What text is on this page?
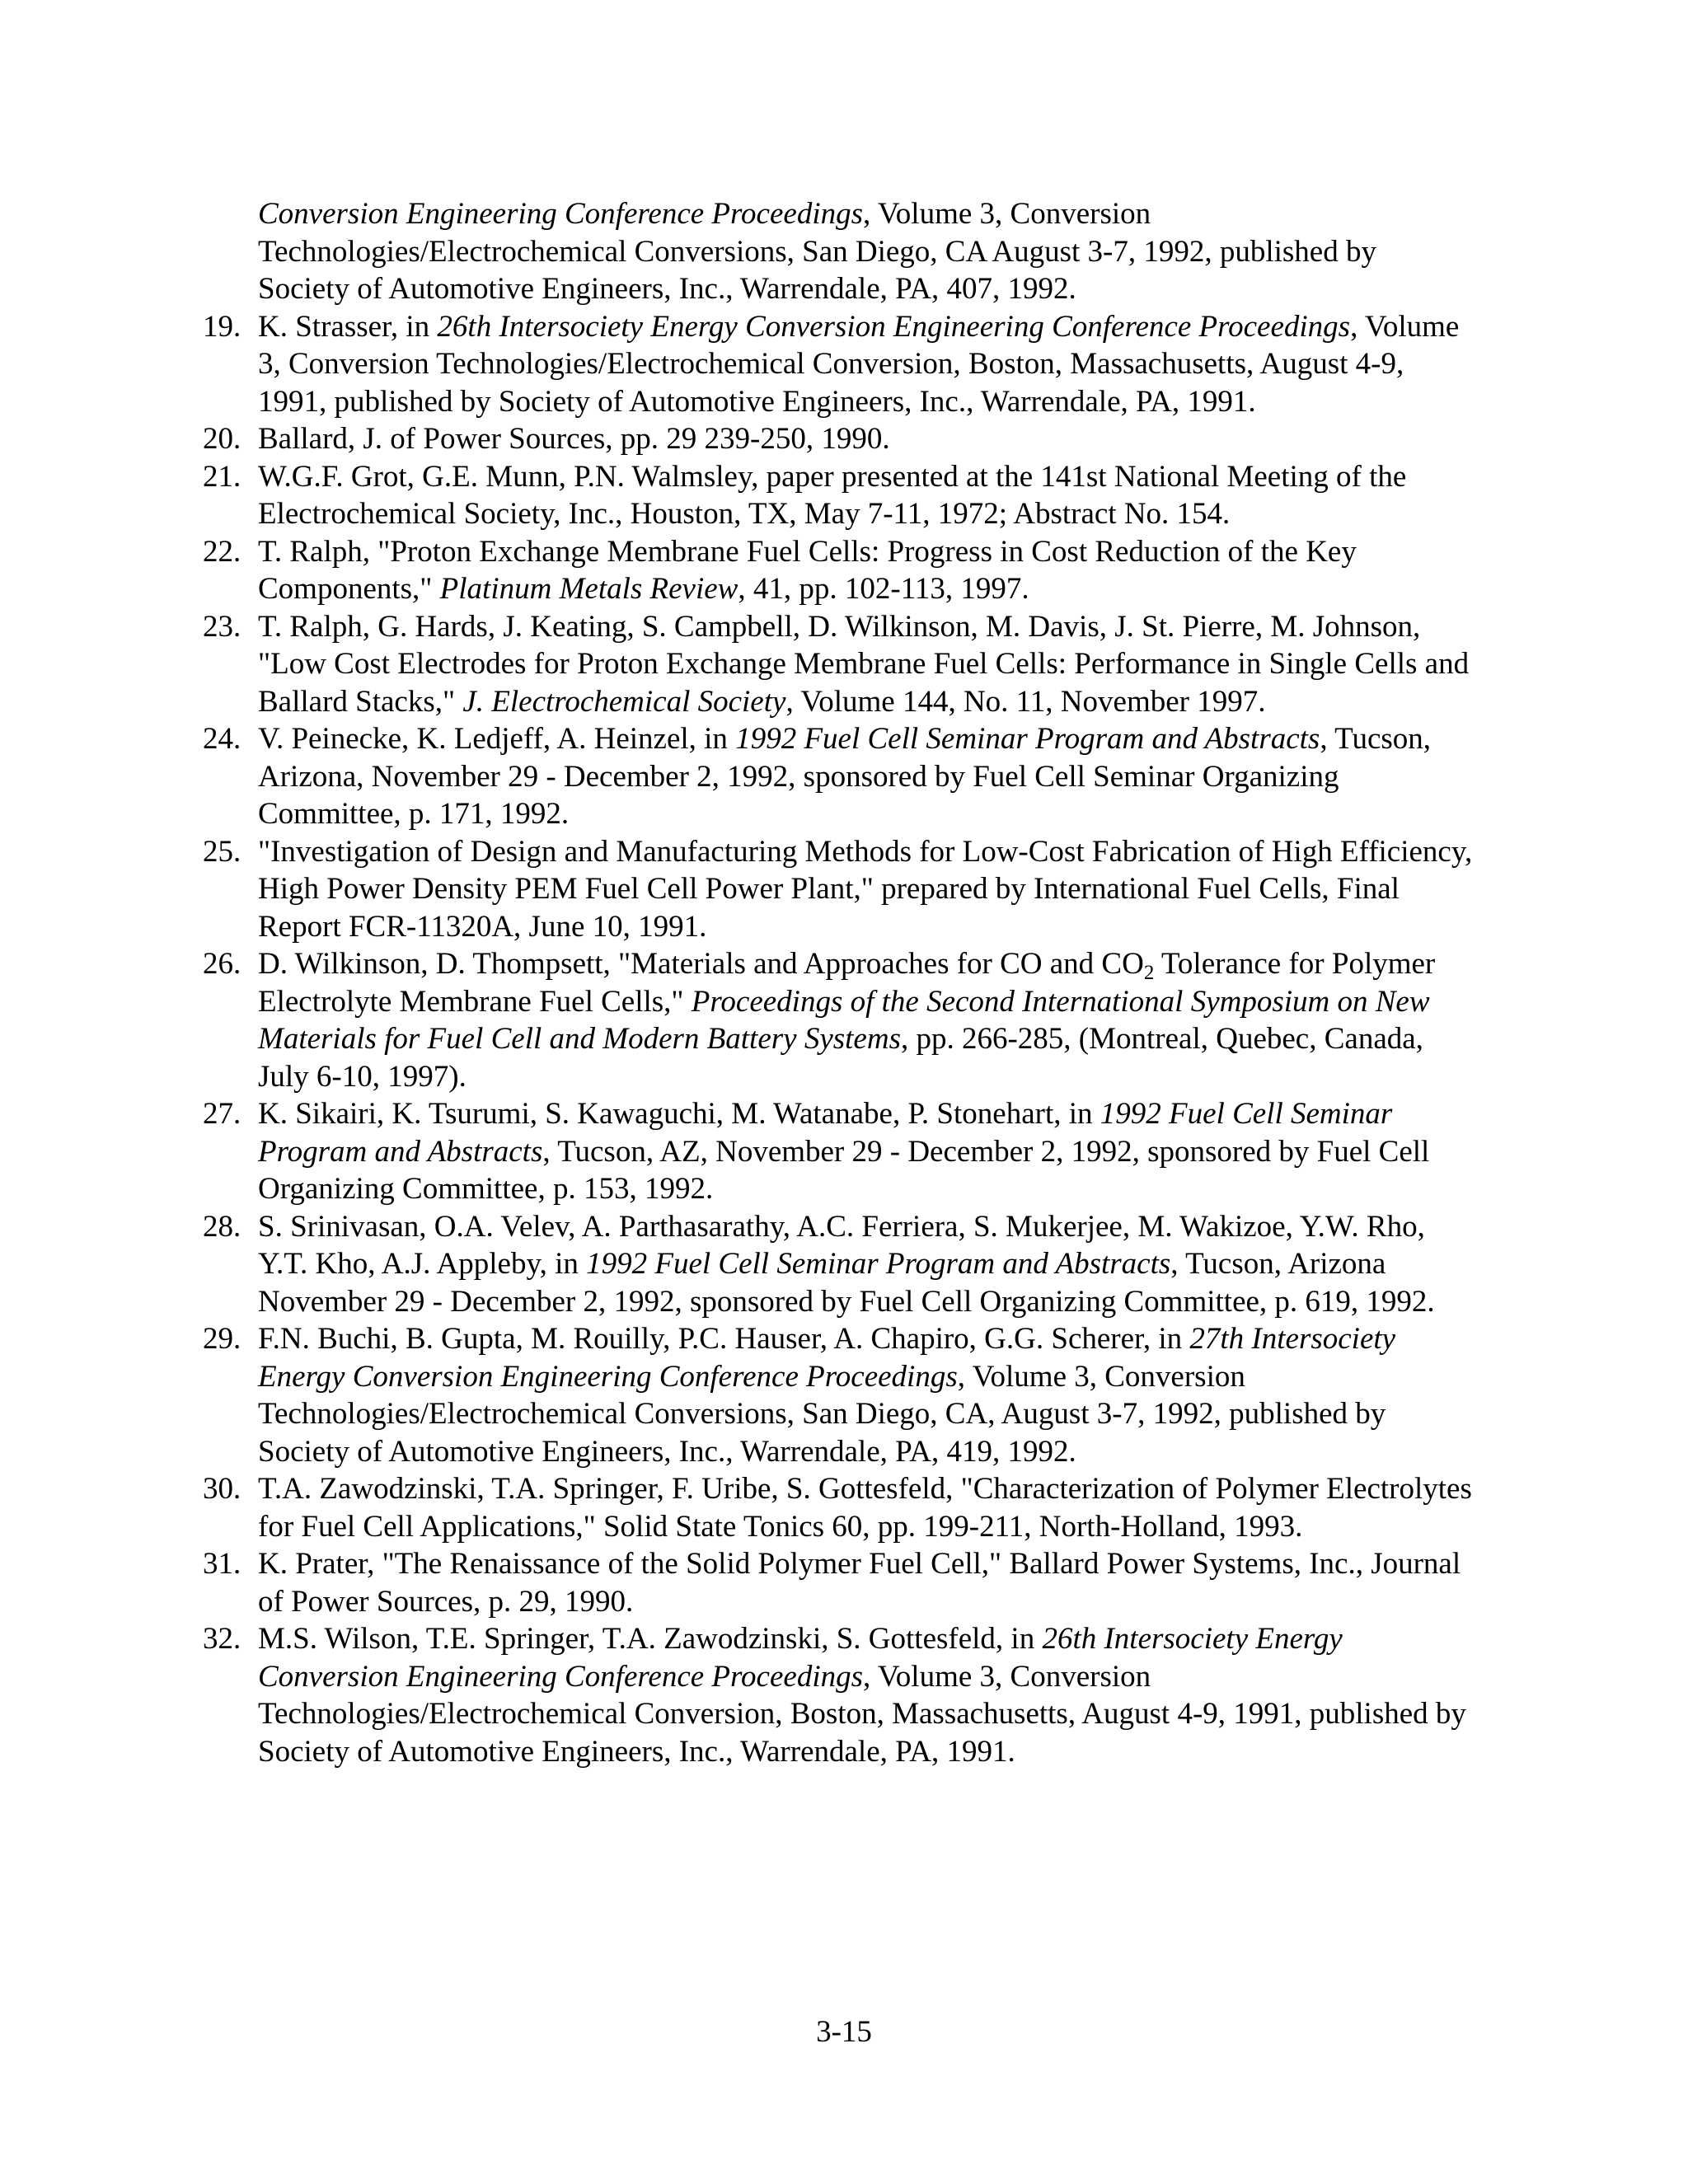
Conversion Engineering Conference Proceedings, Volume 3, Conversion Technologies/Electrochemical Conversions, San Diego, CA August 3-7, 1992, published by Society of Automotive Engineers, Inc., Warrendale, PA, 407, 1992.
19. K. Strasser, in 26th Intersociety Energy Conversion Engineering Conference Proceedings, Volume 3, Conversion Technologies/Electrochemical Conversion, Boston, Massachusetts, August 4-9, 1991, published by Society of Automotive Engineers, Inc., Warrendale, PA, 1991.
20. Ballard, J. of Power Sources, pp. 29 239-250, 1990.
21. W.G.F. Grot, G.E. Munn, P.N. Walmsley, paper presented at the 141st National Meeting of the Electrochemical Society, Inc., Houston, TX, May 7-11, 1972; Abstract No. 154.
22. T. Ralph, "Proton Exchange Membrane Fuel Cells: Progress in Cost Reduction of the Key Components," Platinum Metals Review, 41, pp. 102-113, 1997.
23. T. Ralph, G. Hards, J. Keating, S. Campbell, D. Wilkinson, M. Davis, J. St. Pierre, M. Johnson, "Low Cost Electrodes for Proton Exchange Membrane Fuel Cells: Performance in Single Cells and Ballard Stacks," J. Electrochemical Society, Volume 144, No. 11, November 1997.
24. V. Peinecke, K. Ledjeff, A. Heinzel, in 1992 Fuel Cell Seminar Program and Abstracts, Tucson, Arizona, November 29 - December 2, 1992, sponsored by Fuel Cell Seminar Organizing Committee, p. 171, 1992.
25. "Investigation of Design and Manufacturing Methods for Low-Cost Fabrication of High Efficiency, High Power Density PEM Fuel Cell Power Plant," prepared by International Fuel Cells, Final Report FCR-11320A, June 10, 1991.
26. D. Wilkinson, D. Thompsett, "Materials and Approaches for CO and CO2 Tolerance for Polymer Electrolyte Membrane Fuel Cells," Proceedings of the Second International Symposium on New Materials for Fuel Cell and Modern Battery Systems, pp. 266-285, (Montreal, Quebec, Canada, July 6-10, 1997).
27. K. Sikairi, K. Tsurumi, S. Kawaguchi, M. Watanabe, P. Stonehart, in 1992 Fuel Cell Seminar Program and Abstracts, Tucson, AZ, November 29 - December 2, 1992, sponsored by Fuel Cell Organizing Committee, p. 153, 1992.
28. S. Srinivasan, O.A. Velev, A. Parthasarathy, A.C. Ferriera, S. Mukerjee, M. Wakizoe, Y.W. Rho, Y.T. Kho, A.J. Appleby, in 1992 Fuel Cell Seminar Program and Abstracts, Tucson, Arizona November 29 - December 2, 1992, sponsored by Fuel Cell Organizing Committee, p. 619, 1992.
29. F.N. Buchi, B. Gupta, M. Rouilly, P.C. Hauser, A. Chapiro, G.G. Scherer, in 27th Intersociety Energy Conversion Engineering Conference Proceedings, Volume 3, Conversion Technologies/Electrochemical Conversions, San Diego, CA, August 3-7, 1992, published by Society of Automotive Engineers, Inc., Warrendale, PA, 419, 1992.
30. T.A. Zawodzinski, T.A. Springer, F. Uribe, S. Gottesfeld, "Characterization of Polymer Electrolytes for Fuel Cell Applications," Solid State Tonics 60, pp. 199-211, North-Holland, 1993.
31. K. Prater, "The Renaissance of the Solid Polymer Fuel Cell," Ballard Power Systems, Inc., Journal of Power Sources, p. 29, 1990.
32. M.S. Wilson, T.E. Springer, T.A. Zawodzinski, S. Gottesfeld, in 26th Intersociety Energy Conversion Engineering Conference Proceedings, Volume 3, Conversion Technologies/Electrochemical Conversion, Boston, Massachusetts, August 4-9, 1991, published by Society of Automotive Engineers, Inc., Warrendale, PA, 1991.
3-15
